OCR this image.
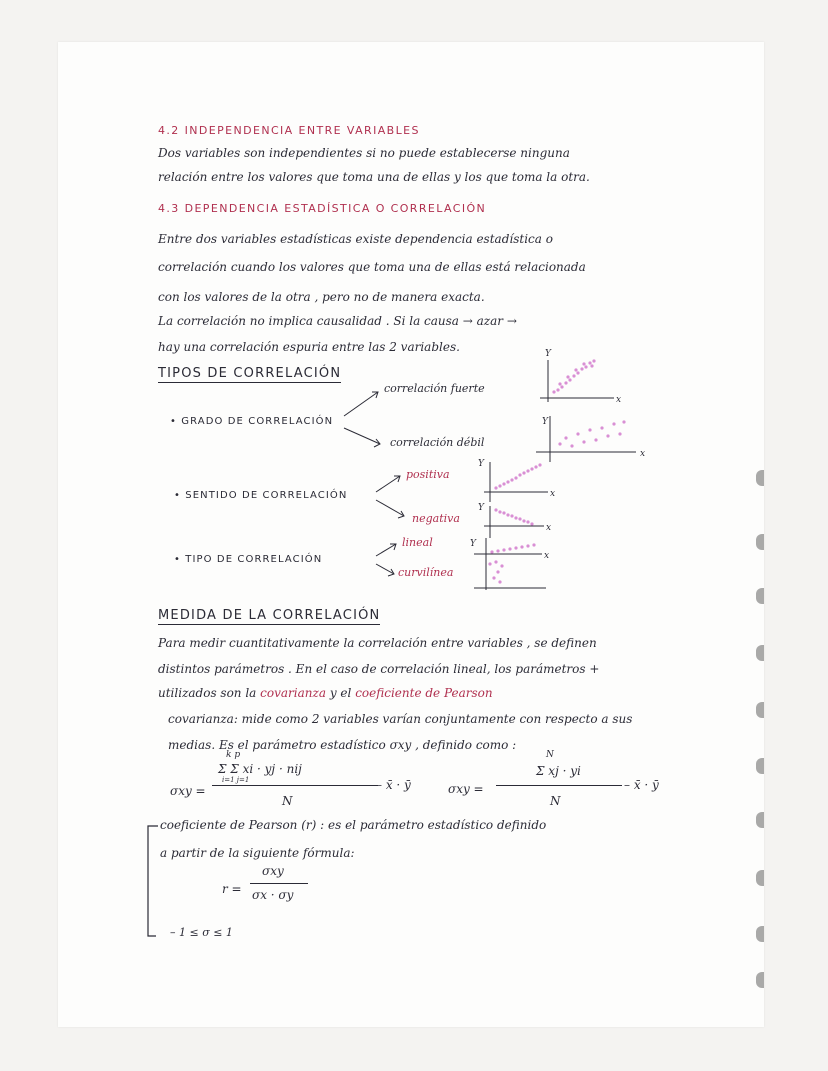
4.2 INDEPENDENCIA ENTRE VARIABLES
Dos variables son independientes si no puede establecerse ninguna
relación entre los valores que toma una de ellas y los que toma la otra.
4.3 DEPENDENCIA ESTADÍSTICA O CORRELACIÓN
Entre dos variables estadísticas existe dependencia estadística o
correlación cuando los valores que toma una de ellas está relacionada
con los valores de la otra , pero no de manera exacta.
La correlación no implica causalidad . Si la causa → azar →
hay una correlación espuria entre las 2 variables.
TIPOS DE CORRELACIÓN
• GRADO DE CORRELACIÓN
correlación fuerte
correlación débil
• SENTIDO DE CORRELACIÓN
positiva
negativa
• TIPO DE CORRELACIÓN
lineal
curvilínea
Y
x
Y
x
Y
x
Y
x
Y
x
MEDIDA DE LA CORRELACIÓN
Para medir cuantitativamente la correlación entre variables , se definen
distintos parámetros . En el caso de correlación lineal, los parámetros +
utilizados son la covarianza y el coeficiente de Pearson
covarianza: mide como 2 variables varían conjuntamente con respecto a sus
medias. Es el parámetro estadístico σxy , definido como :
σxy =
k p
Σ Σ xi · yj · nij
i=1 j=1
N
– x̄ · ȳ	σxy =
N
Σ xj · yi
N
– x̄ · ȳ
coeficiente de Pearson (r) : es el parámetro estadístico definido
a partir de la siguiente fórmula:
r =
σxy
σx · σy
– 1 ≤ σ ≤ 1
